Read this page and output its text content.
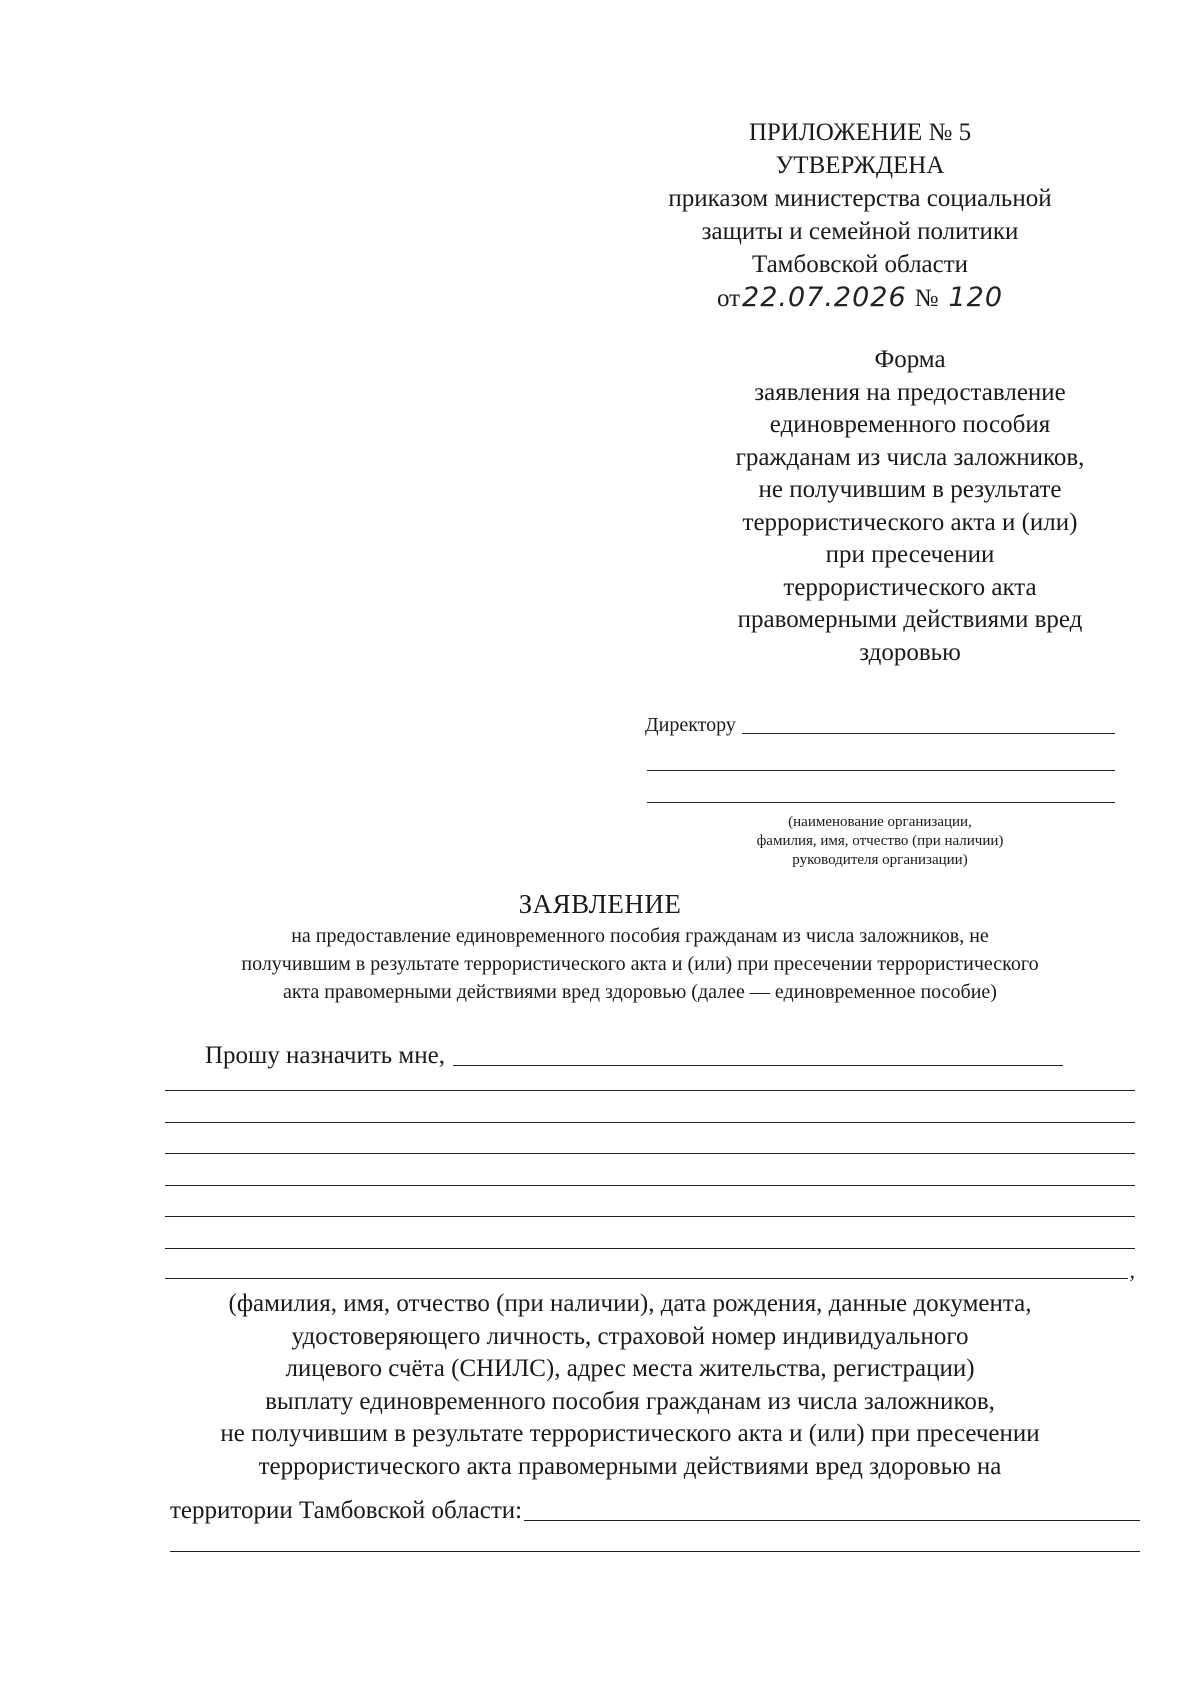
ПРИЛОЖЕНИЕ № 5
УТВЕРЖДЕНА
приказом министерства социальной
защиты и семейной политики
Тамбовской области
от 22.07.2026 № 120
Форма
заявления на предоставление
единовременного пособия
гражданам из числа заложников,
не получившим в результате
террористического акта и (или)
при пресечении
террористического акта
правомерными действиями вред
здоровью
Директору
(наименование организации,
фамилия, имя, отчество (при наличии)
руководителя организации)
ЗАЯВЛЕНИЕ
на предоставление единовременного пособия гражданам из числа заложников, не
получившим в результате террористического акта и (или) при пресечении террористического
акта правомерными действиями вред здоровью (далее — единовременное пособие)
Прошу назначить мне,
,
(фамилия, имя, отчество (при наличии), дата рождения, данные документа,
удостоверяющего личность, страховой номер индивидуального
лицевого счёта (СНИЛС), адрес места жительства, регистрации)
выплату единовременного пособия гражданам из числа заложников,
не получившим в результате террористического акта и (или) при пресечении
террористического акта правомерными действиями вред здоровью на
территории Тамбовской области:
